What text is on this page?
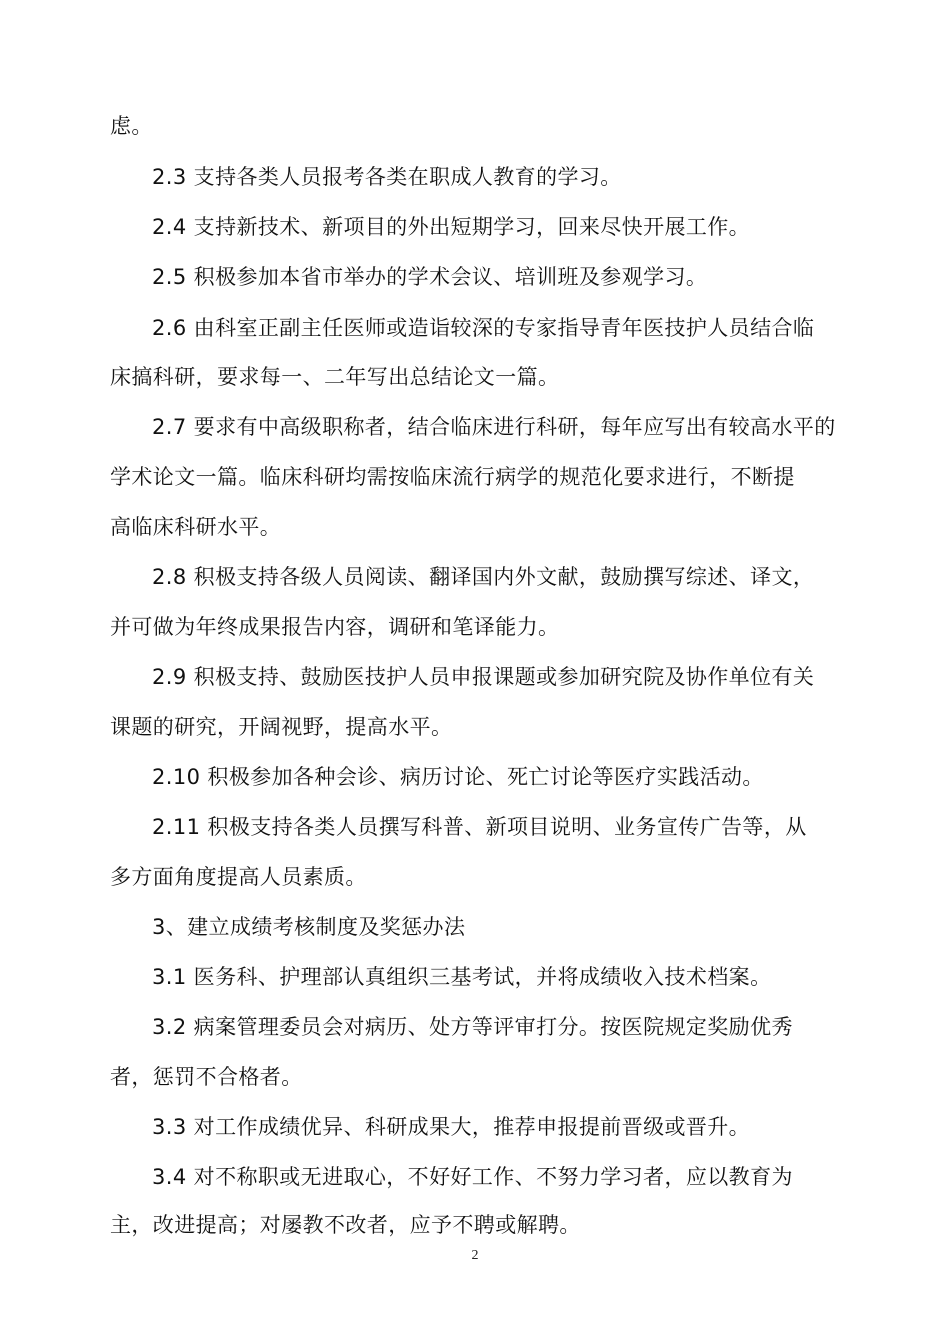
虑。
2.3 支持各类人员报考各类在职成人教育的学习。
2.4 支持新技术、新项目的外出短期学习，回来尽快开展工作。
2.5 积极参加本省市举办的学术会议、培训班及参观学习。
2.6 由科室正副主任医师或造诣较深的专家指导青年医技护人员结合临
床搞科研，要求每一、二年写出总结论文一篇。
2.7 要求有中高级职称者，结合临床进行科研，每年应写出有较高水平的
学术论文一篇。临床科研均需按临床流行病学的规范化要求进行，不断提
高临床科研水平。
2.8 积极支持各级人员阅读、翻译国内外文献，鼓励撰写综述、译文，
并可做为年终成果报告内容，调研和笔译能力。
2.9 积极支持、鼓励医技护人员申报课题或参加研究院及协作单位有关
课题的研究，开阔视野，提高水平。
2.10 积极参加各种会诊、病历讨论、死亡讨论等医疗实践活动。
2.11 积极支持各类人员撰写科普、新项目说明、业务宣传广告等，从
多方面角度提高人员素质。
3、建立成绩考核制度及奖惩办法
3.1 医务科、护理部认真组织三基考试，并将成绩收入技术档案。
3.2 病案管理委员会对病历、处方等评审打分。按医院规定奖励优秀
者，惩罚不合格者。
3.3 对工作成绩优异、科研成果大，推荐申报提前晋级或晋升。
3.4 对不称职或无进取心，不好好工作、不努力学习者，应以教育为
主，改进提高；对屡教不改者，应予不聘或解聘。
2
